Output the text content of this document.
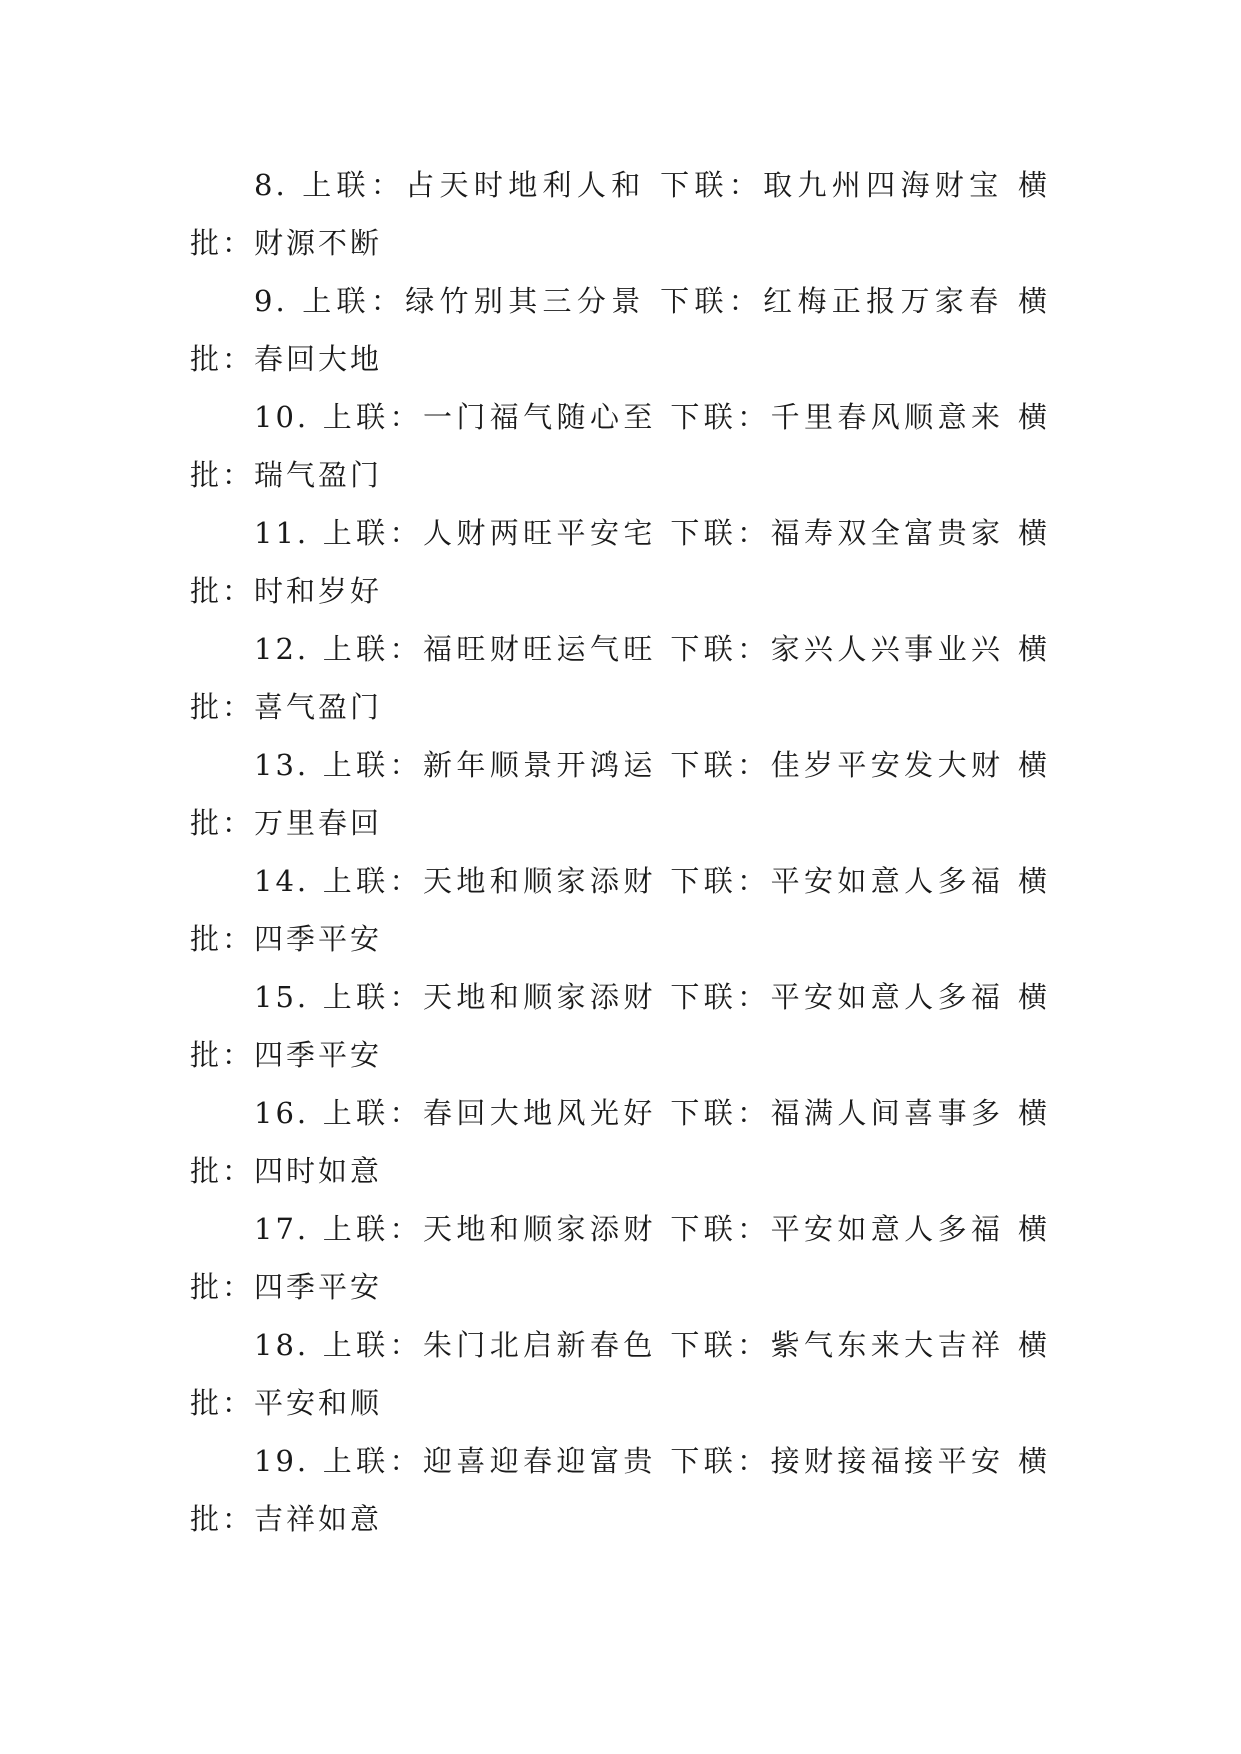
8. 上联：占天时地利人和 下联：取九州四海财宝 横批：财源不断

9. 上联：绿竹别其三分景 下联：红梅正报万家春 横批：春回大地

10. 上联：一门福气随心至 下联：千里春风顺意来 横批：瑞气盈门

11. 上联：人财两旺平安宅 下联：福寿双全富贵家 横批：时和岁好

12. 上联：福旺财旺运气旺 下联：家兴人兴事业兴 横批：喜气盈门

13. 上联：新年顺景开鸿运 下联：佳岁平安发大财 横批：万里春回

14. 上联：天地和顺家添财 下联：平安如意人多福 横批：四季平安

15. 上联：天地和顺家添财 下联：平安如意人多福 横批：四季平安

16. 上联：春回大地风光好 下联：福满人间喜事多 横批：四时如意

17. 上联：天地和顺家添财 下联：平安如意人多福 横批：四季平安

18. 上联：朱门北启新春色 下联：紫气东来大吉祥 横批：平安和顺

19. 上联：迎喜迎春迎富贵 下联：接财接福接平安 横批：吉祥如意
